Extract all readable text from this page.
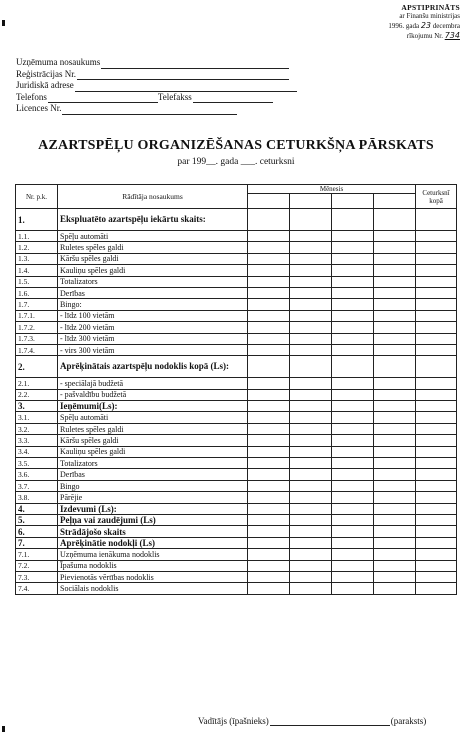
APSTIPRINĀTS
ar Finanšu ministrijas
1996. gada 23 decembra
rīkojumu Nr. 734
Uzņēmuma nosaukums
Reģistrācijas Nr.
Juridiskā adrese
Telefons	Telefakss
Licences Nr.
AZARTSPĒĻU ORGANIZĒŠANAS CETURKŠŅA PĀRSKATS
par 199__. gada ___. ceturksni
Nr. p.k.	Rādītāja nosaukums	Mēnesis				Ceturksnī kopā
1.	Ekspluatēto azartspēļu iekārtu skaits:					
1.1.	Spēļu automāti					
1.2.	Ruletes spēles galdi					
1.3.	Kāršu spēles galdi					
1.4.	Kauliņu spēles galdi					
1.5.	Totalizators					
1.6.	Derības					
1.7.	Bingo:					
1.7.1.	- līdz 100 vietām					
1.7.2.	- līdz 200 vietām					
1.7.3.	- līdz 300 vietām					
1.7.4.	- virs 300 vietām					
2.	Aprēķinātais azartspēļu nodoklis kopā (Ls):					
2.1.	- speciālajā budžetā					
2.2.	- pašvaldību budžetā					
3.	Ieņēmumi(Ls):					
3.1.	Spēļu automāti					
3.2.	Ruletes spēles galdi					
3.3.	Kāršu spēles galdi					
3.4.	Kauliņu spēles galdi					
3.5.	Totalizators					
3.6.	Derības					
3.7.	Bingo					
3.8.	Pārējie					
4.	Izdevumi (Ls):					
5.	Peļņa vai zaudējumi (Ls)					
6.	Strādājošo skaits					
7.	Aprēķinātie nodokļi (Ls)					
7.1.	Uzņēmuma ienākuma nodoklis					
7.2.	Īpašuma nodoklis					
7.3.	Pievienotās vērtības nodoklis					
7.4.	Sociālais nodoklis					
Vadītājs (īpašnieks)	(paraksts)
